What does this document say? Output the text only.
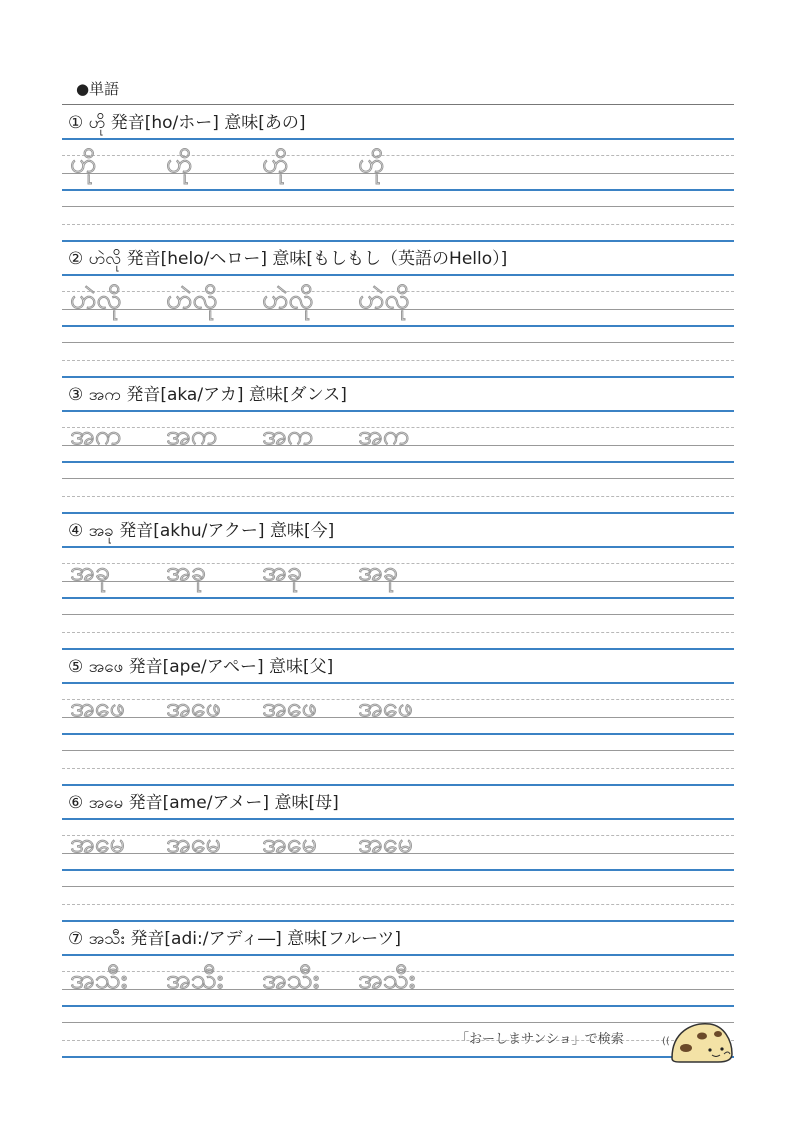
●単語
① ဟို 発音[ho/ホー] 意味[あの]
ဟို	ဟို	ဟို	ဟို
② ဟဲလို 発音[helo/ヘロー] 意味[もしもし（英語のHello）]
ဟဲလို ဟဲလို ဟဲလို ဟဲလို
③ အက 発音[aka/アカ] 意味[ダンス]
အက အက အက အက
④ အခု 発音[akhu/アクー] 意味[今]
အခု အခု အခု အခု
⑤ အဖေ 発音[ape/アペー] 意味[父]
အဖေ အဖေ အဖေ အဖေ
⑥ အမေ 発音[ame/アメー] 意味[母]
အမေ အမေ အမေ အမေ
⑦ အသီး 発音[adi:/アディ―] 意味[フルーツ]
အသီး အသီး အသီး အသီး
「おーしまサンショ」で検索	((
